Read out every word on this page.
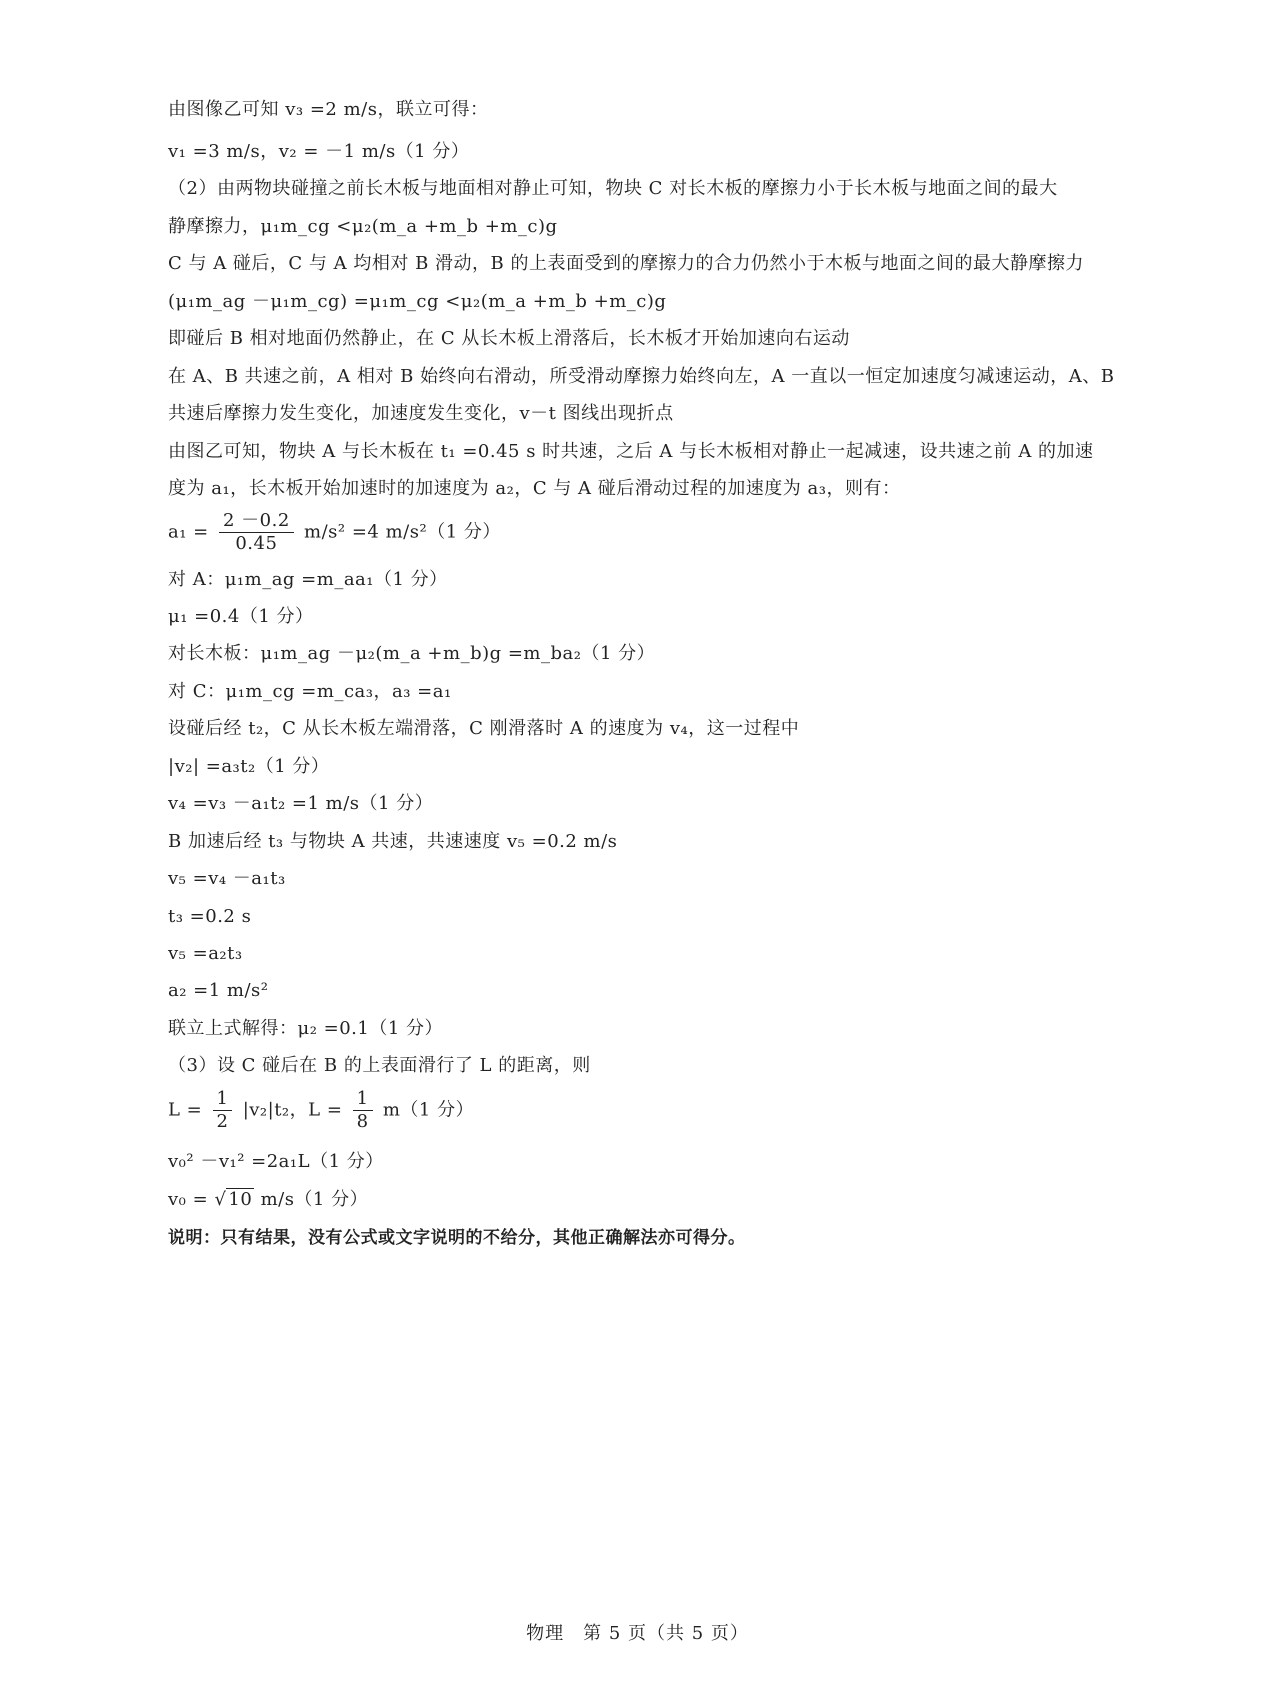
由图像乙可知 v₃ =2 m/s，联立可得：
v₁ =3 m/s，v₂ = －1 m/s（1 分）
（2）由两物块碰撞之前长木板与地面相对静止可知，物块 C 对长木板的摩擦力小于长木板与地面之间的最大
静摩擦力，μ₁m_cg <μ₂(m_a +m_b +m_c)g
C 与 A 碰后，C 与 A 均相对 B 滑动，B 的上表面受到的摩擦力的合力仍然小于木板与地面之间的最大静摩擦力
(μ₁m_ag －μ₁m_cg) =μ₁m_cg <μ₂(m_a +m_b +m_c)g
即碰后 B 相对地面仍然静止，在 C 从长木板上滑落后，长木板才开始加速向右运动
在 A、B 共速之前，A 相对 B 始终向右滑动，所受滑动摩擦力始终向左，A 一直以一恒定加速度匀减速运动，A、B
共速后摩擦力发生变化，加速度发生变化，v－t 图线出现折点
由图乙可知，物块 A 与长木板在 t₁ =0.45 s 时共速，之后 A 与长木板相对静止一起减速，设共速之前 A 的加速
度为 a₁，长木板开始加速时的加速度为 a₂，C 与 A 碰后滑动过程的加速度为 a₃，则有：
$a_1 = \frac{2 -0.2}{0.45} m/s^2 =4$ m/s²（1 分）
对 A：μ₁m_ag =m_aa₁（1 分）
μ₁ =0.4（1 分）
对长木板：μ₁m_ag －μ₂(m_a +m_b)g =m_ba₂（1 分）
对 C：μ₁m_cg =m_ca₃，a₃ =a₁
设碰后经 t₂，C 从长木板左端滑落，C 刚滑落时 A 的速度为 v₄，这一过程中
|v₂| =a₃t₂（1 分）
v₄ =v₃ －a₁t₂ =1 m/s（1 分）
B 加速后经 t₃ 与物块 A 共速，共速速度 v₅ =0.2 m/s
v₅ =v₄ －a₁t₃
t₃ =0.2 s
v₅ =a₂t₃
a₂ =1 m/s²
联立上式解得：μ₂ =0.1（1 分）
（3）设 C 碰后在 B 的上表面滑行了 L 的距离，则
$L = \frac{1}{2} |v_2|t_2$，$L = \frac{1}{8} m(1$ 分）
v₀² －v₁² =2a₁L（1 分）
v₀ = √ 10 m/s（1 分）
说明：只有结果，没有公式或文字说明的不给分，其他正确解法亦可得分。
物理　第 5 页（共 5 页）
